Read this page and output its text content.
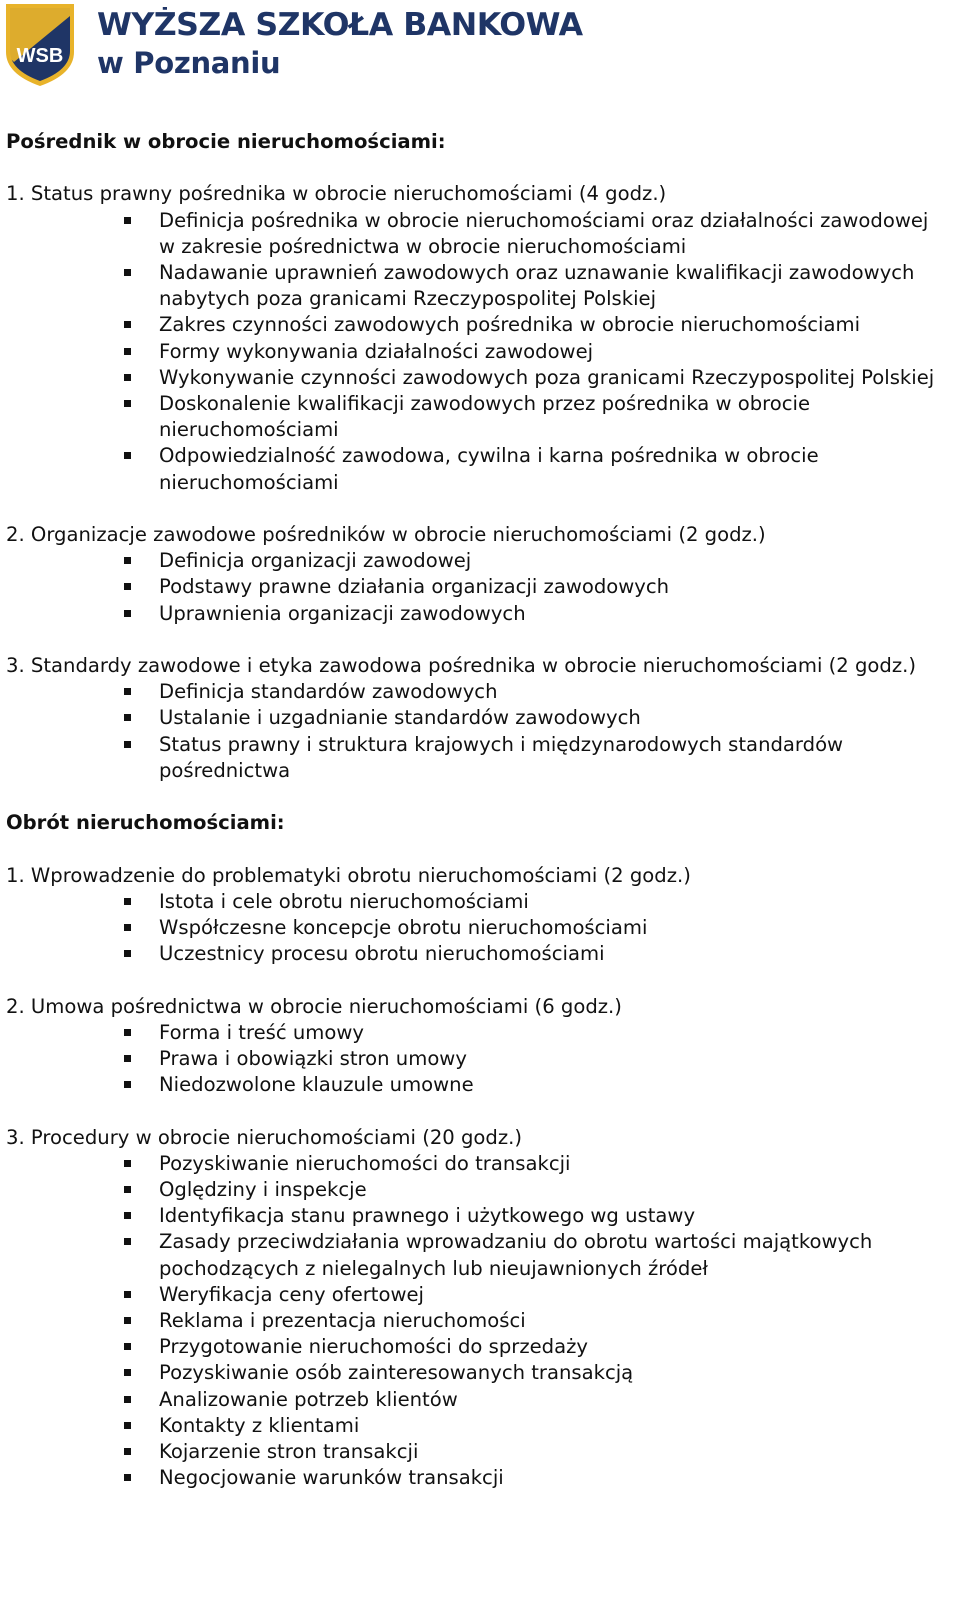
WSB
WYŻSZA SZKOŁA BANKOWA
w Poznaniu

Pośrednik w obrocie nieruchomościami:

1. Status prawny pośrednika w obrocie nieruchomościami (4 godz.)

Definicja pośrednika w obrocie nieruchomościami oraz działalności zawodowej
w zakresie pośrednictwa w obrocie nieruchomościami
Nadawanie uprawnień zawodowych oraz uznawanie kwalifikacji zawodowych nabytych poza granicami Rzeczypospolitej Polskiej
Zakres czynności zawodowych pośrednika w obrocie nieruchomościami
Formy wykonywania działalności zawodowej
Wykonywanie czynności zawodowych poza granicami Rzeczypospolitej Polskiej
Doskonalenie kwalifikacji zawodowych przez pośrednika w obrocie nieruchomościami
Odpowiedzialność zawodowa, cywilna i karna pośrednika w obrocie nieruchomościami

2. Organizacje zawodowe pośredników w obrocie nieruchomościami (2 godz.)

Definicja organizacji zawodowej
Podstawy prawne działania organizacji zawodowych
Uprawnienia organizacji zawodowych

3. Standardy zawodowe i etyka zawodowa pośrednika w obrocie nieruchomościami (2 godz.)

Definicja standardów zawodowych
Ustalanie i uzgadnianie standardów zawodowych
Status prawny i struktura krajowych i międzynarodowych standardów pośrednictwa

Obrót nieruchomościami:

1. Wprowadzenie do problematyki obrotu nieruchomościami (2 godz.)

Istota i cele obrotu nieruchomościami
Współczesne koncepcje obrotu nieruchomościami
Uczestnicy procesu obrotu nieruchomościami

2. Umowa pośrednictwa w obrocie nieruchomościami (6 godz.)

Forma i treść umowy
Prawa i obowiązki stron umowy
Niedozwolone klauzule umowne

3. Procedury w obrocie nieruchomościami (20 godz.)

Pozyskiwanie nieruchomości do transakcji
Oględziny i inspekcje
Identyfikacja stanu prawnego i użytkowego wg ustawy
Zasady przeciwdziałania wprowadzaniu do obrotu wartości majątkowych pochodzących z nielegalnych lub nieujawnionych źródeł
Weryfikacja ceny ofertowej
Reklama i prezentacja nieruchomości
Przygotowanie nieruchomości do sprzedaży
Pozyskiwanie osób zainteresowanych transakcją
Analizowanie potrzeb klientów
Kontakty z klientami
Kojarzenie stron transakcji
Negocjowanie warunków transakcji
